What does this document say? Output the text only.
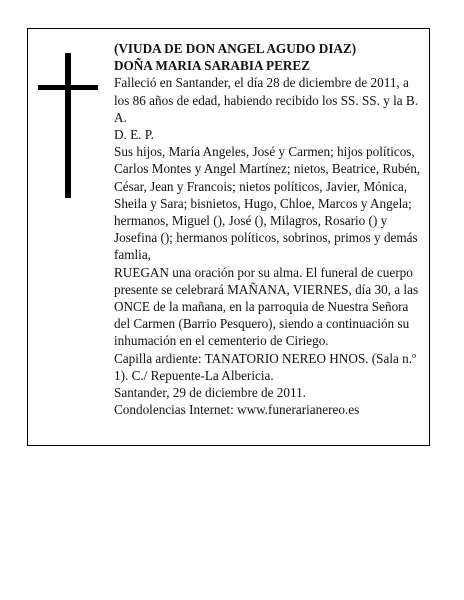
(VIUDA DE DON ANGEL AGUDO DIAZ)

DOÑA MARIA SARABIA PEREZ

Falleció en Santander, el día 28 de diciembre de 2011, a los 86 años de edad, habiendo recibido los SS. SS. y la B. A.

D. E. P.

Sus hijos, María Angeles, José y Carmen; hijos políticos, Carlos Montes y Angel Martínez; nietos, Beatrice, Rubén, César, Jean y Francois; nietos políticos, Javier, Mónica, Sheila y Sara; bisnietos, Hugo, Chloe, Marcos y Angela; hermanos, Miguel (), José (), Milagros, Rosario () y Josefina (); hermanos políticos, sobrinos, primos y demás famlia,

RUEGAN una oración por su alma. El funeral de cuerpo presente se celebrará MAÑANA, VIERNES, día 30, a las ONCE de la mañana, en la parroquia de Nuestra Señora del Carmen (Barrio Pesquero), siendo a continuación su inhumación en el cementerio de Ciriego.

Capilla ardiente: TANATORIO NEREO HNOS. (Sala n.º 1). C./ Repuente-La Albericia.

Santander, 29 de diciembre de 2011.

Condolencias Internet: www.funerarianereo.es
